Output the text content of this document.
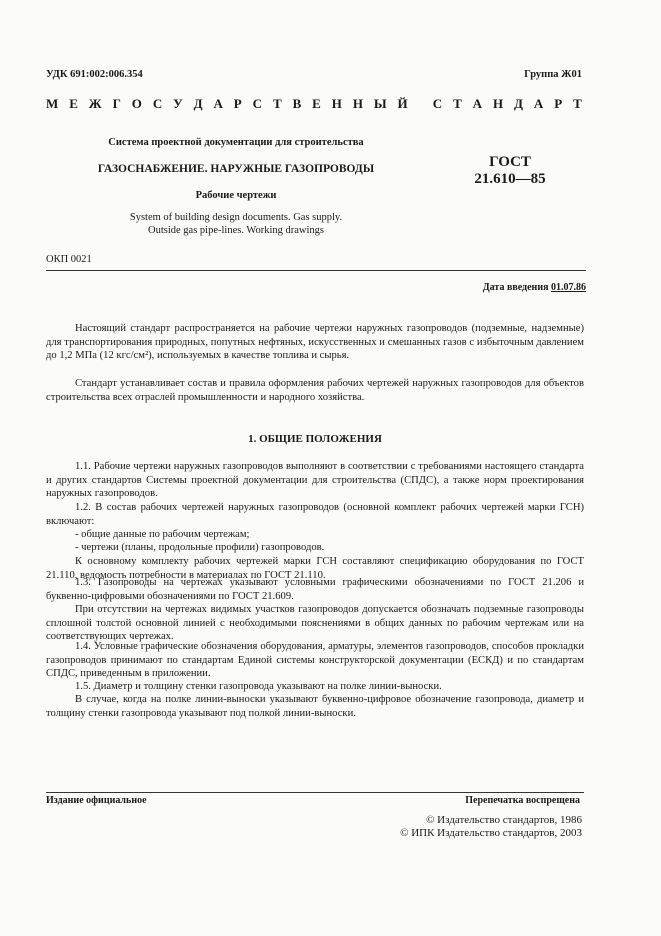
УДК 691:002:006.354	Группа Ж01
М Е Ж Г О С У Д А Р С Т В Е Н Н Ы Й
С Т А Н Д А Р Т
Система проектной документации для строительства
ГАЗОСНАБЖЕНИЕ. НАРУЖНЫЕ ГАЗОПРОВОДЫ
Рабочие чертежи
System of building design documents. Gas supply.
Outside gas pipe-lines. Working drawings
ГОСТ
21.610—85
ОКП 0021
Дата введения 01.07.86
Настоящий стандарт распространяется на рабочие чертежи наружных газопроводов (подземные, надземные) для транспортирования природных, попутных нефтяных, искусственных и смешанных газов с избыточным давлением до 1,2 МПа (12 кгс/см²), используемых в качестве топлива и сырья.
Стандарт устанавливает состав и правила оформления рабочих чертежей наружных газопроводов для объектов строительства всех отраслей промышленности и народного хозяйства.
1. ОБЩИЕ ПОЛОЖЕНИЯ
1.1. Рабочие чертежи наружных газопроводов выполняют в соответствии с требованиями настоящего стандарта и других стандартов Системы проектной документации для строительства (СПДС), а также норм проектирования наружных газопроводов.
1.2. В состав рабочих чертежей наружных газопроводов (основной комплект рабочих чертежей марки ГСН) включают:
- общие данные по рабочим чертежам;
- чертежи (планы, продольные профили) газопроводов.
К основному комплекту рабочих чертежей марки ГСН составляют спецификацию оборудования по ГОСТ 21.110, ведомость потребности в материалах по ГОСТ 21.110.
1.3. Газопроводы на чертежах указывают условными графическими обозначениями по ГОСТ 21.206 и буквенно-цифровыми обозначениями по ГОСТ 21.609.
При отсутствии на чертежах видимых участков газопроводов допускается обозначать подземные газопроводы сплошной толстой основной линией с необходимыми пояснениями в общих данных по рабочим чертежам или на соответствующих чертежах.
1.4. Условные графические обозначения оборудования, арматуры, элементов газопроводов, способов прокладки газопроводов принимают по стандартам Единой системы конструкторской документации (ЕСКД) и по стандартам СПДС, приведенным в приложении.
1.5. Диаметр и толщину стенки газопровода указывают на полке линии-выноски.
В случае, когда на полке линии-выноски указывают буквенно-цифровое обозначение газопровода, диаметр и толщину стенки газопровода указывают под полкой линии-выноски.
Издание официальное	Перепечатка воспрещена
© Издательство стандартов, 1986
© ИПК Издательство стандартов, 2003
